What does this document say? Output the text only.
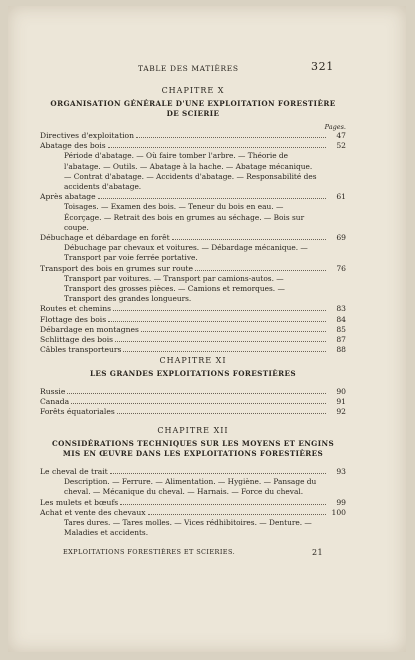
TABLE DES MATIÈRES	321
CHAPITRE X
ORGANISATION GÉNÉRALE D'UNE EXPLOITATION FORESTIÈRE
DE SCIERIE
Pages.
Directives d'exploitation	47
Abatage des bois	52
Période d'abatage. — Où faire tomber l'arbre. — Théorie de l'abatage. — Outils. — Abatage à la hache. — Abatage mécanique. — Contrat d'abatage. — Accidents d'abatage. — Responsabilité des accidents d'abatage.
Après abatage	61
Toisages. — Examen des bois. — Teneur du bois en eau. — Écorçage. — Retrait des bois en grumes au séchage. — Bois sur coupe.
Débuchage et débardage en forêt	69
Débuchage par chevaux et voitures. — Débardage mécanique. — Transport par voie ferrée portative.
Transport des bois en grumes sur route	76
Transport par voitures. — Transport par camions-autos. — Transport des grosses pièces. — Camions et remorques. — Transport des grandes longueurs.
Routes et chemins	83
Flottage des bois	84
Débardage en montagnes	85
Schlittage des bois	87
Câbles transporteurs	88
CHAPITRE XI
LES GRANDES EXPLOITATIONS FORESTIÈRES
Russie	90
Canada	91
Forêts équatoriales	92
CHAPITRE XII
CONSIDÉRATIONS TECHNIQUES SUR LES MOYENS ET ENGINS
MIS EN ŒUVRE DANS LES EXPLOITATIONS FORESTIÈRES
Le cheval de trait	93
Description. — Ferrure. — Alimentation. — Hygiène. — Pansage du cheval. — Mécanique du cheval. — Harnais. — Force du cheval.
Les mulets et bœufs	99
Achat et vente des chevaux	100
Tares dures. — Tares molles. — Vices rédhibitoires. — Denture. — Maladies et accidents.
EXPLOITATIONS FORESTIÈRES ET SCIERIES.	21
